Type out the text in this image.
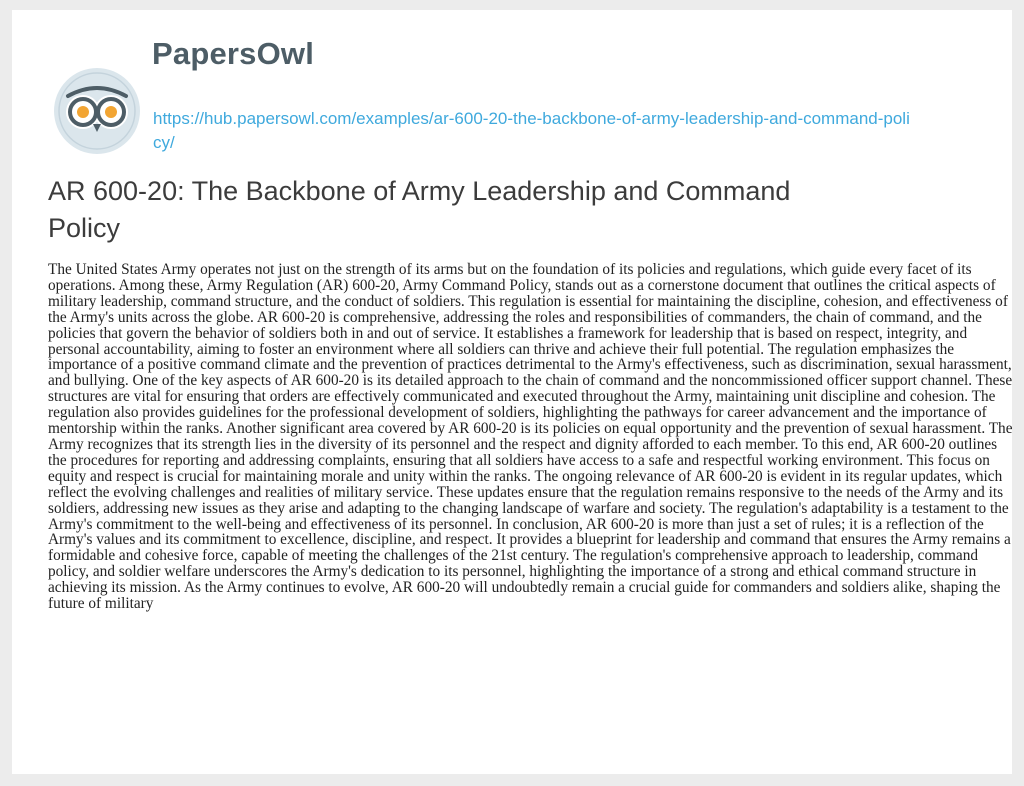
PapersOwl
https://hub.papersowl.com/examples/ar-600-20-the-backbone-of-army-leadership-and-command-policy/
AR 600-20: The Backbone of Army Leadership and Command Policy

The United States Army operates not just on the strength of its arms but on the foundation of its policies and regulations, which guide every facet of its operations. Among these, Army Regulation (AR) 600-20, Army Command Policy, stands out as a cornerstone document that outlines the critical aspects of military leadership, command structure, and the conduct of soldiers. This regulation is essential for maintaining the discipline, cohesion, and effectiveness of the Army's units across the globe. AR 600-20 is comprehensive, addressing the roles and responsibilities of commanders, the chain of command, and the policies that govern the behavior of soldiers both in and out of service. It establishes a framework for leadership that is based on respect, integrity, and personal accountability, aiming to foster an environment where all soldiers can thrive and achieve their full potential. The regulation emphasizes the importance of a positive command climate and the prevention of practices detrimental to the Army's effectiveness, such as discrimination, sexual harassment, and bullying. One of the key aspects of AR 600-20 is its detailed approach to the chain of command and the noncommissioned officer support channel. These structures are vital for ensuring that orders are effectively communicated and executed throughout the Army, maintaining unit discipline and cohesion. The regulation also provides guidelines for the professional development of soldiers, highlighting the pathways for career advancement and the importance of mentorship within the ranks. Another significant area covered by AR 600-20 is its policies on equal opportunity and the prevention of sexual harassment. The Army recognizes that its strength lies in the diversity of its personnel and the respect and dignity afforded to each member. To this end, AR 600-20 outlines the procedures for reporting and addressing complaints, ensuring that all soldiers have access to a safe and respectful working environment. This focus on equity and respect is crucial for maintaining morale and unity within the ranks. The ongoing relevance of AR 600-20 is evident in its regular updates, which reflect the evolving challenges and realities of military service. These updates ensure that the regulation remains responsive to the needs of the Army and its soldiers, addressing new issues as they arise and adapting to the changing landscape of warfare and society. The regulation's adaptability is a testament to the Army's commitment to the well-being and effectiveness of its personnel. In conclusion, AR 600-20 is more than just a set of rules; it is a reflection of the Army's values and its commitment to excellence, discipline, and respect. It provides a blueprint for leadership and command that ensures the Army remains a formidable and cohesive force, capable of meeting the challenges of the 21st century. The regulation's comprehensive approach to leadership, command policy, and soldier welfare underscores the Army's dedication to its personnel, highlighting the importance of a strong and ethical command structure in achieving its mission. As the Army continues to evolve, AR 600-20 will undoubtedly remain a crucial guide for commanders and soldiers alike, shaping the future of military
